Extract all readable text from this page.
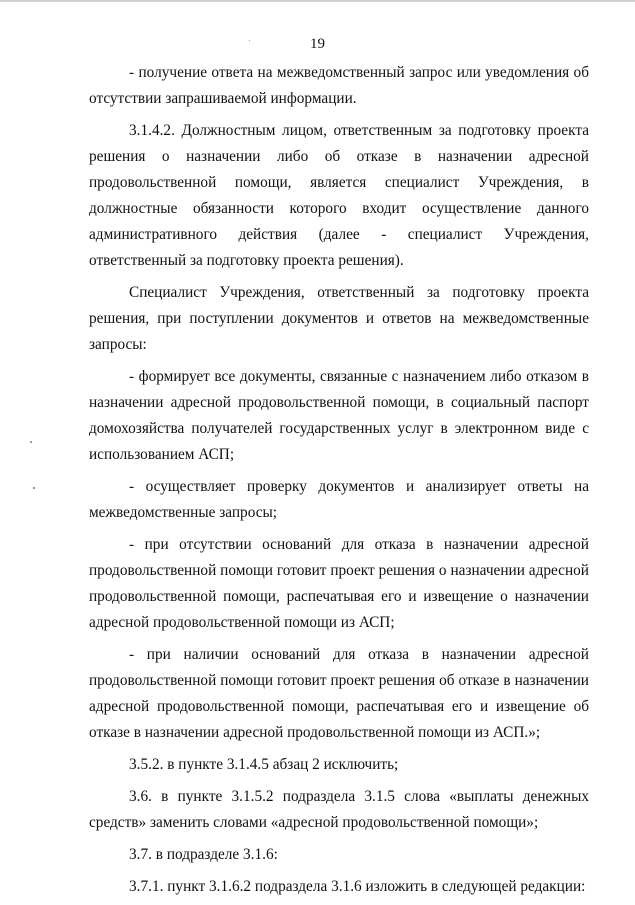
19

- получение ответа на межведомственный запрос или уведомления об отсутствии запрашиваемой информации.

3.1.4.2. Должностным лицом, ответственным за подготовку проекта решения о назначении либо об отказе в назначении адресной продовольственной помощи, является специалист Учреждения, в должностные обязанности которого входит осуществление данного административного действия (далее - специалист Учреждения, ответственный за подготовку проекта решения).

Специалист Учреждения, ответственный за подготовку проекта решения, при поступлении документов и ответов на межведомственные запросы:

- формирует все документы, связанные с назначением либо отказом в назначении адресной продовольственной помощи, в социальный паспорт домохозяйства получателей государственных услуг в электронном виде с использованием АСП;

- осуществляет проверку документов и анализирует ответы на межведомственные запросы;

- при отсутствии оснований для отказа в назначении адресной продовольственной помощи готовит проект решения о назначении адресной продовольственной помощи, распечатывая его и извещение о назначении адресной продовольственной помощи из АСП;

- при наличии оснований для отказа в назначении адресной продовольственной помощи готовит проект решения об отказе в назначении адресной продовольственной помощи, распечатывая его и извещение об отказе в назначении адресной продовольственной помощи из АСП.»;

3.5.2. в пункте 3.1.4.5 абзац 2 исключить;

3.6. в пункте 3.1.5.2 подраздела 3.1.5 слова «выплаты денежных средств» заменить словами «адресной продовольственной помощи»;

3.7. в подразделе 3.1.6:

3.7.1. пункт 3.1.6.2 подраздела 3.1.6 изложить в следующей редакции:
